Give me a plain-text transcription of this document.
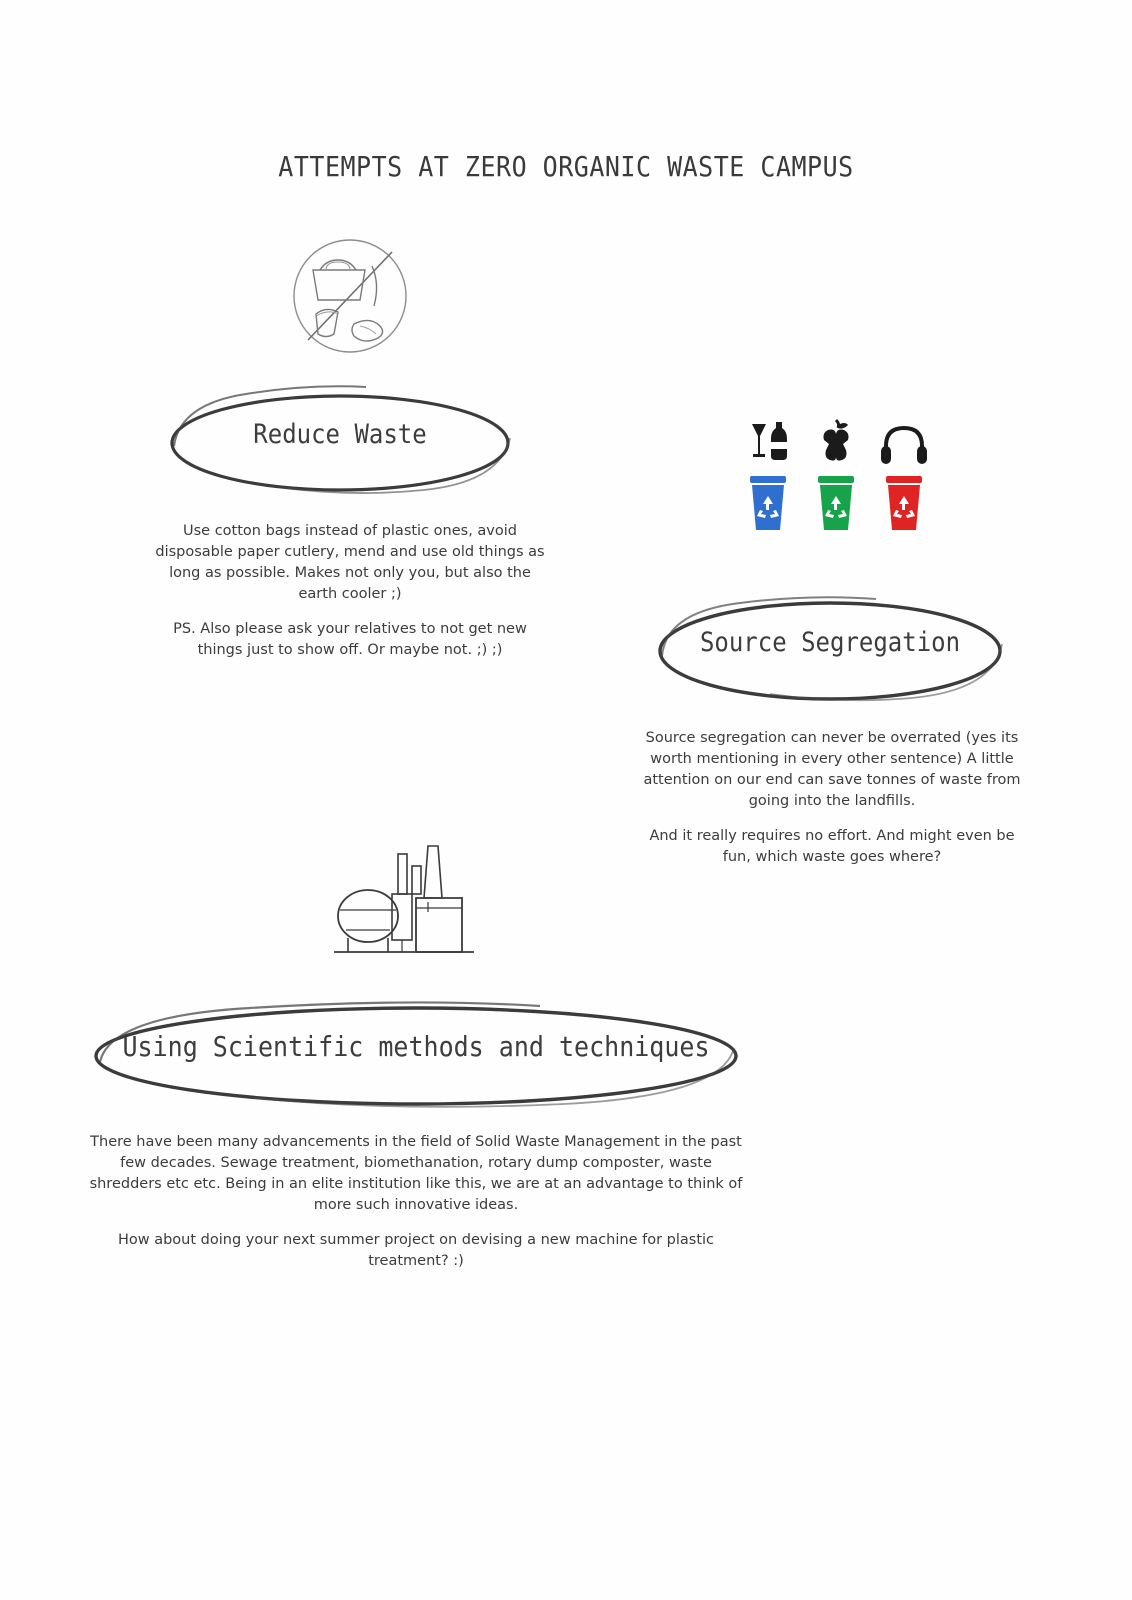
ATTEMPTS AT ZERO ORGANIC WASTE CAMPUS
Reduce Waste

Use cotton bags instead of plastic ones, avoid disposable paper cutlery, mend and use old things as long as possible. Makes not only you, but also the earth cooler ;)

PS. Also please ask your relatives to not get new things just to show off. Or maybe not. ;) ;)	Source Segregation

Source segregation can never be overrated (yes its worth mentioning in every other sentence) A little attention on our end can save tonnes of waste from going into the landfills.

And it really requires no effort. And might even be fun, which waste goes where?

Using Scientific methods and techniques

There have been many advancements in the field of Solid Waste Management in the past few decades. Sewage treatment, biomethanation, rotary dump composter, waste shredders etc etc. Being in an elite institution like this, we are at an advantage to think of more such innovative ideas.

How about doing your next summer project on devising a new machine for plastic treatment? :)
